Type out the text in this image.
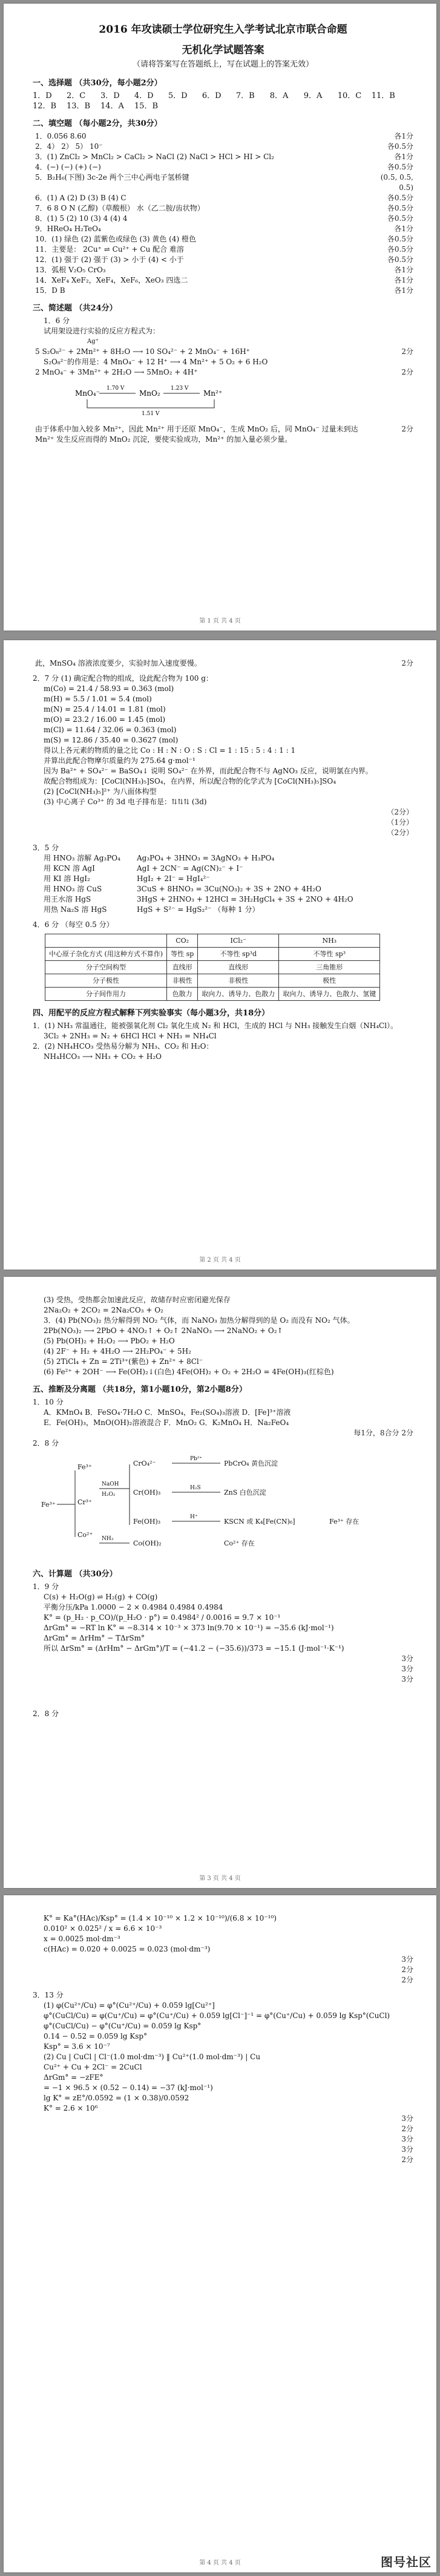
2016 年攻读硕士学位研究生入学考试北京市联合命题
无机化学试题答案
（请将答案写在答题纸上，写在试题上的答案无效）
一、选择题 （共30分，每小题2分）
1．D	2．C	3．D	4．D	5．D	6．D	7．B	8．A	9．A	10．C	11．B
12．B	13．B	14．A	15．B
二、填空题 （每小题2分，共30分）
1．0.056 8.60	各1分
2．4） 2） 5） 10⁻	各0.5分
3．(1) ZnCl₂ > MnCl₂ > CaCl₂ > NaCl (2) NaCl > HCl > HI > Cl₂	各1分
4．(−) (−) (+) (−)	各0.5分
5．B₂H₆(下图) 3c-2e 两个三中心两电子氢桥键	(0.5, 0.5, 0.5)
6．(1) A (2) D (3) B (4) C	各0.5分
7．6 8 O N (乙醇)（草酸根） 水（乙二胺/齿状物）	各0.5分
8．(1) 5 (2) 10 (3) 4 (4) 4	各0.5分
9．HReO₄ H₂TeO₄	各1分
10．(1) 绿色 (2) 蓝紫色或绿色 (3) 黄色 (4) 橙色	各0.5分
11．主要是： 2Cu⁺ ⇌ Cu²⁺ + Cu 配合 难溶	各0.5分
12．(1) 强于 (2) 强于 (3) > 小于 (4) < 小于	各0.5分
13．弧根 V₂O₅ CrO₃	各1分
14．XeF₄ XeF₂，XeF₄，XeF₆，XeO₃ 四选二	各1分
15．D B	各1分
三、简述题 （共24分）
1．6 分
试用架设进行实验的反应方程式为：
Ag⁺
5 S₂O₈²⁻ + 2Mn²⁺ + 8H₂O ⟶ 10 SO₄²⁻ + 2 MnO₄⁻ + 16H⁺	2分
S₂O₈²⁻的作用是：4 MnO₄⁻ + 12 H⁺ ⟶ 4 Mn²⁺ + 5 O₂ + 6 H₂O
2 MnO₄⁻ + 3Mn²⁺ + 2H₂O ⟶ 5MnO₂ + 4H⁺	2分
MnO₄⁻
1.70 V
MnO₂
1.23 V
Mn²⁺
1.51 V
由于体系中加入较多 Mn²⁺，因此 Mn²⁺ 用于还原 MnO₄⁻，生成 MnO₂ 后，同 MnO₄⁻ 过量未到达 Mn²⁺ 发生反应而得的 MnO₂ 沉淀，要使实验成功，Mn²⁺ 的加入量必须少量。
2分
第 1 页 共 4 页
此，MnSO₄ 溶液浓度要少，实验时加入速度要慢。	2分
2．7 分 (1) 确定配合物的组成，设此配合物为 100 g：
m(Co) = 21.4 / 58.93 = 0.363 (mol)
m(H) = 5.5 / 1.01 = 5.4 (mol)
m(N) = 25.4 / 14.01 = 1.81 (mol)
m(O) = 23.2 / 16.00 = 1.45 (mol)
m(Cl) = 11.64 / 32.06 = 0.363 (mol)
m(S) = 12.86 / 35.40 = 0.3627 (mol)
得以上各元素的物质的量之比 Co : H : N : O : S : Cl = 1 : 15 : 5 : 4 : 1 : 1
并算出此配合物摩尔质量约为 275.64 g·mol⁻¹
因为 Ba²⁺ + SO₄²⁻ = BaSO₄↓ 说明 SO₄²⁻ 在外界，而此配合物不与 AgNO₃ 反应，说明氯在内界。
故配合物组成为：[CoCl(NH₃)₅]SO₄，在内界，所以配合物的化学式为 [CoCl(NH₃)₅]SO₄
(2) [CoCl(NH₃)₅]²⁺ 为八面体构型
(3) 中心离子 Co³⁺ 的 3d 电子排布是：⇅⇅⇅ (3d)
（2分）
（1分）
（2分）
3．5 分
用 HNO₃ 溶解 Ag₃PO₄	Ag₃PO₄ + 3HNO₃ = 3AgNO₃ + H₃PO₄
用 KCN 溶 AgI	AgI + 2CN⁻ = Ag(CN)₂⁻ + I⁻
用 KI 溶 HgI₂	HgI₂ + 2I⁻ = HgI₄²⁻
用 HNO₃ 溶 CuS	3CuS + 8HNO₃ = 3Cu(NO₃)₂ + 3S + 2NO + 4H₂O
用王水溶 HgS	3HgS + 2HNO₃ + 12HCl = 3H₂HgCl₄ + 3S + 2NO + 4H₂O
用热 Na₂S 溶 HgS	HgS + S²⁻ = HgS₂²⁻ （每种 1 分）
4．6 分 （每空 0.5 分）
	CO₂	ICl₂⁻	NH₃
中心原子杂化方式 (用这种方式不算作)	等性 sp	不等性 sp³d	不等性 sp³
分子空间构型	直线形	直线形	三角锥形
分子极性	非极性	非极性	极性
分子间作用力	色散力	取向力、诱导力、色散力	取向力、诱导力、色散力、氢键
四、用配平的反应方程式解释下列实验事实（每小题3分，共18分）
1．(1) NH₃ 常温通往，能被强氧化剂 Cl₂ 氧化生成 N₂ 和 HCl，生成的 HCl 与 NH₃ 接触发生白烟（NH₄Cl）。
3Cl₂ + 2NH₃ = N₂ + 6HCl HCl + NH₃ = NH₄Cl
2．(2) NH₄HCO₃ 受热易分解为 NH₃、CO₂ 和 H₂O：
NH₄HCO₃ ⟶ NH₃ + CO₂ + H₂O
第 2 页 共 4 页
(3) 受热，受热都会加速此反应，故储存时应密闭避光保存
2Na₂O₂ + 2CO₂ = 2Na₂CO₃ + O₂
3．(4) Pb(NO₃)₂ 热分解得到 NO₂ 气体，而 NaNO₃ 加热分解得到的是 O₂ 而没有 NO₂ 气体。
2Pb(NO₃)₂ ⟶ 2PbO + 4NO₂↑ + O₂↑ 2NaNO₃ ⟶ 2NaNO₂ + O₂↑
(5) Pb(OH)₂ + H₂O₂ ⟶ PbO₂ + H₂O
(4) 2F⁻ + H₂ + 4H₂O ⟶ 2H₂PO₄⁻ + 5H₂
(5) 2TiCl₄ + Zn = 2Ti³⁺(紫色) + Zn²⁺ + 8Cl⁻
(6) Fe²⁺ + 2OH⁻ ⟶ Fe(OH)₂↓(白色) 4Fe(OH)₂ + O₂ + 2H₂O = 4Fe(OH)₃(红棕色)
五、推断及分离题 （共18分，第1小题10分，第2小题8分）
1．10 分
A．KMnO₄ B．FeSO₄·7H₂O C．MnSO₄，Fe₂(SO₄)₃溶液 D．[Fe]³⁺溶液
E．Fe(OH)₃，MnO(OH)₂溶液混合 F．MnO₂ G．K₂MnO₄ H．Na₂FeO₄
每1分，8合分 2分
2．8 分
Fe³⁺
Fe³⁺
Cr³⁺
Co²⁺
NaOH
H₂O₂
CrO₄²⁻
Cr(OH)₃
Fe(OH)₃
Pb²⁺
PbCrO₄ 黄色沉淀
H₂S
ZnS 白色沉淀
H⁺
KSCN 或 K₄[Fe(CN)₆]	Fe³⁺ 存在
NH₃
Co(OH)₂	Co²⁺ 存在
六、计算题 （共30分）
1．9 分
C(s) + H₂O(g) ⇌ H₂(g) + CO(g)
平衡分压/kPa 1.0000 − 2 × 0.4984 0.4984 0.4984
K° = (p_H₂ · p_CO)/(p_H₂O · p°) = 0.4984² / 0.0016 = 9.7 × 10⁻¹
ΔrGm° = −RT ln K° = −8.314 × 10⁻³ × 373 ln(9.70 × 10⁻¹) = −35.6 (kJ·mol⁻¹)
ΔrGm° = ΔrHm° − TΔrSm°
所以 ΔrSm° = (ΔrHm° − ΔrGm°)/T = (−41.2 − (−35.6))/373 = −15.1 (J·mol⁻¹·K⁻¹)
3分
3分
3分
2．8 分
第 3 页 共 4 页
K° = Ka°(HAc)/Ksp° = (1.4 × 10⁻¹⁰ × 1.2 × 10⁻¹⁰)/(6.8 × 10⁻¹⁰)
0.010² × 0.025² / x = 6.6 × 10⁻³
x = 0.0025 mol·dm⁻³
c(HAc) = 0.020 + 0.0025 = 0.023 (mol·dm⁻³)
3分
2分
2分
3．13 分
(1) φ(Cu²⁺/Cu) = φ°(Cu²⁺/Cu) + 0.059 lg[Cu²⁺]
φ°(CuCl/Cu) = φ(Cu⁺/Cu) = φ°(Cu⁺/Cu) + 0.059 lg[Cl⁻]⁻¹ = φ°(Cu⁺/Cu) + 0.059 lg Ksp°(CuCl)
φ°(CuCl/Cu) − φ°(Cu⁺/Cu) = 0.059 lg Ksp°
0.14 − 0.52 = 0.059 lg Ksp°
Ksp° = 3.6 × 10⁻⁷
(2) Cu | CuCl | Cl⁻(1.0 mol·dm⁻³) ‖ Cu²⁺(1.0 mol·dm⁻³) | Cu
Cu²⁺ + Cu + 2Cl⁻ = 2CuCl
ΔrGm° = −zFE°
= −1 × 96.5 × (0.52 − 0.14) = −37 (kJ·mol⁻¹)
lg K° = zE°/0.0592 = (1 × 0.38)/0.0592
K° = 2.6 × 10⁶
3分
2分
3分
3分
2分
第 4 页 共 4 页	图号社区
